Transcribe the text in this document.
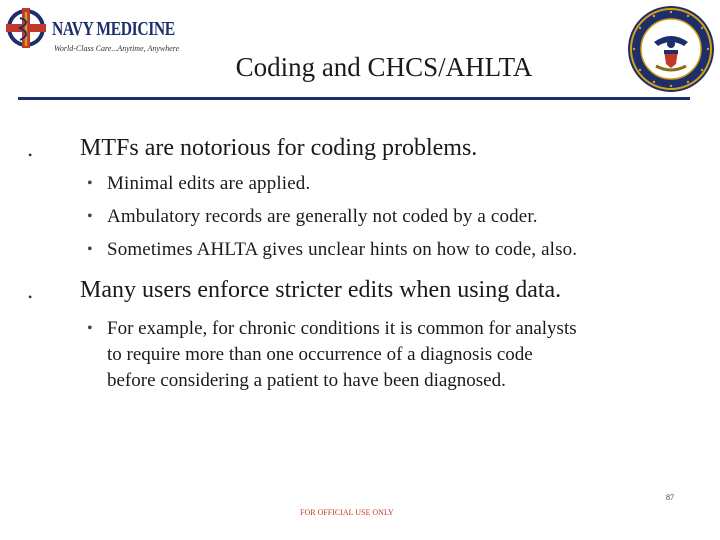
NAVY MEDICINE
World-Class Care...Anytime, Anywhere
Coding and CHCS/AHLTA
• MTFs are notorious for coding problems.
• Minimal edits are applied.
• Ambulatory records are generally not coded by a coder.
• Sometimes AHLTA gives unclear hints on how to code, also.
• Many users enforce stricter edits when using data.
• For example, for chronic conditions it is common for analysts
to require more than one occurrence of a diagnosis code
before considering a patient to have been diagnosed.
87
FOR OFFICIAL USE ONLY
